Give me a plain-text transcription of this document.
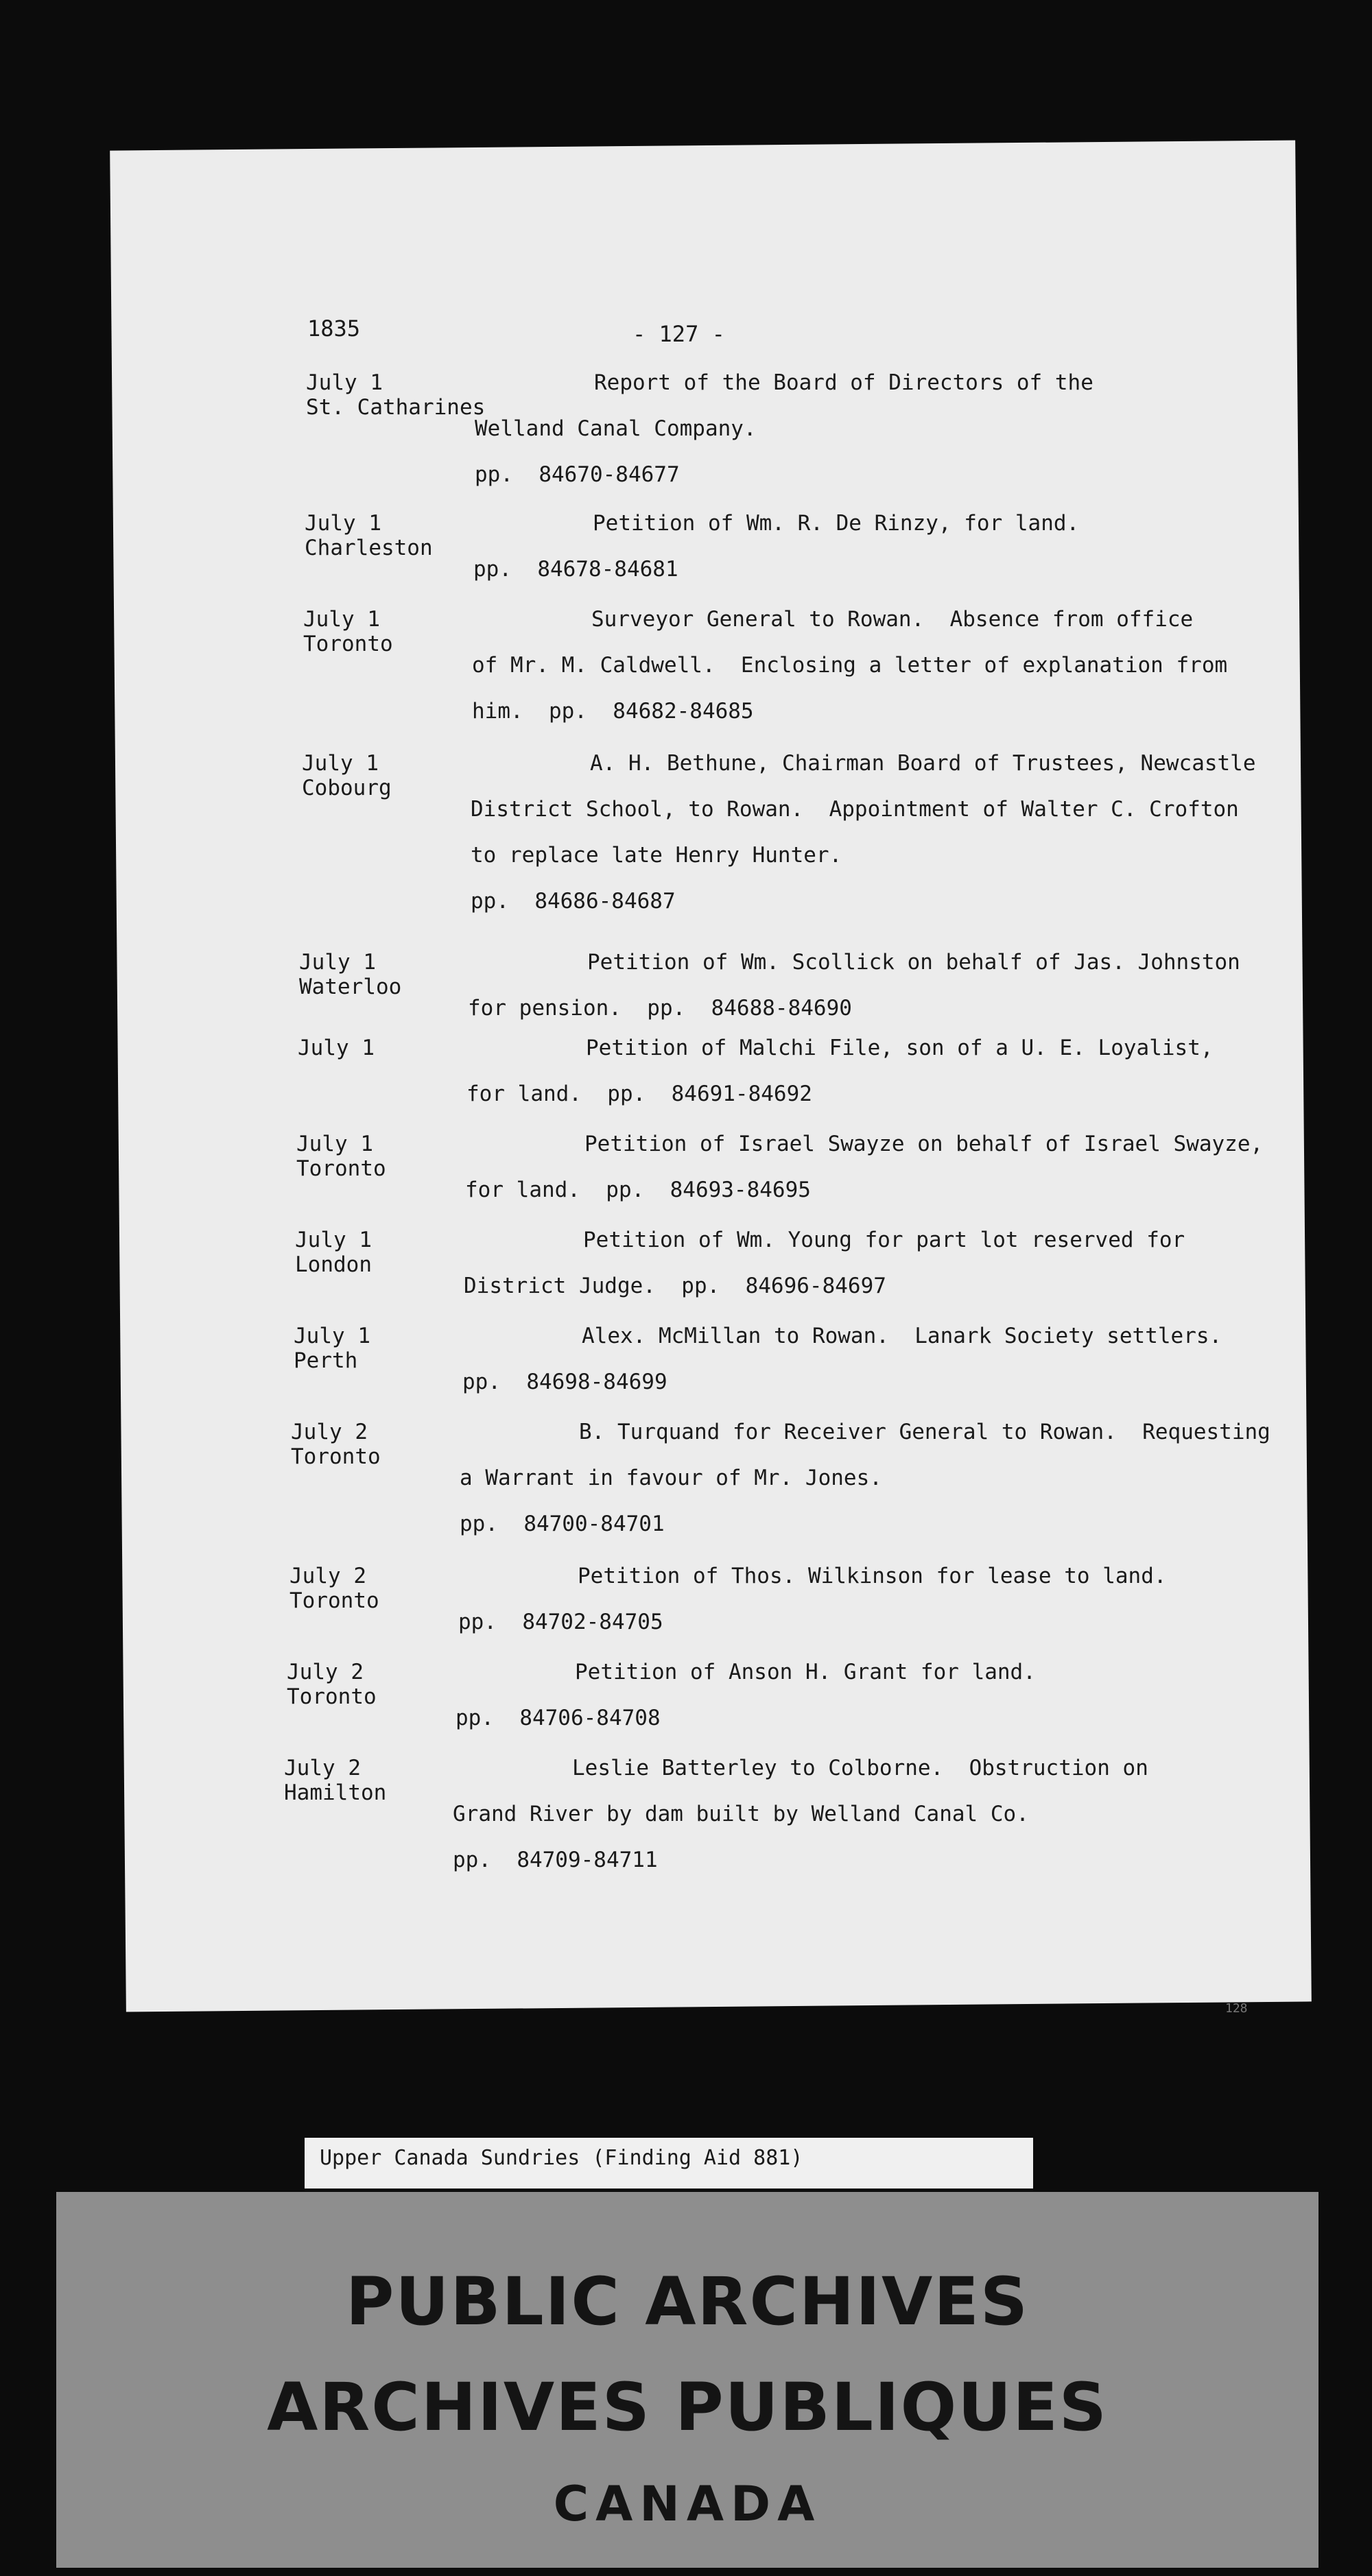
1835	- 127 -
July 1
St. Catharines
Report of the Board of Directors of the
Welland Canal Company.
pp.  84670-84677
July 1
Charleston
Petition of Wm. R. De Rinzy, for land.
pp.  84678-84681
July 1
Toronto
Surveyor General to Rowan.  Absence from office
of Mr. M. Caldwell.  Enclosing a letter of explanation from
him.  pp.  84682-84685
July 1
Cobourg
A. H. Bethune, Chairman Board of Trustees, Newcastle
District School, to Rowan.  Appointment of Walter C. Crofton
to replace late Henry Hunter.
pp.  84686-84687
July 1
Waterloo
Petition of Wm. Scollick on behalf of Jas. Johnston
for pension.  pp.  84688-84690
July 1	Petition of Malchi File, son of a U. E. Loyalist,
for land.  pp.  84691-84692
July 1
Toronto
Petition of Israel Swayze on behalf of Israel Swayze,
for land.  pp.  84693-84695
July 1
London
Petition of Wm. Young for part lot reserved for
District Judge.  pp.  84696-84697
July 1
Perth
Alex. McMillan to Rowan.  Lanark Society settlers.
pp.  84698-84699
July 2
Toronto
B. Turquand for Receiver General to Rowan.  Requesting
a Warrant in favour of Mr. Jones.
pp.  84700-84701
July 2
Toronto
Petition of Thos. Wilkinson for lease to land.
pp.  84702-84705
July 2
Toronto
Petition of Anson H. Grant for land.
pp.  84706-84708
July 2
Hamilton
Leslie Batterley to Colborne.  Obstruction on
Grand River by dam built by Welland Canal Co.
pp.  84709-84711
128
Upper Canada Sundries (Finding Aid 881)
PUBLIC ARCHIVES
ARCHIVES PUBLIQUES
CANADA
